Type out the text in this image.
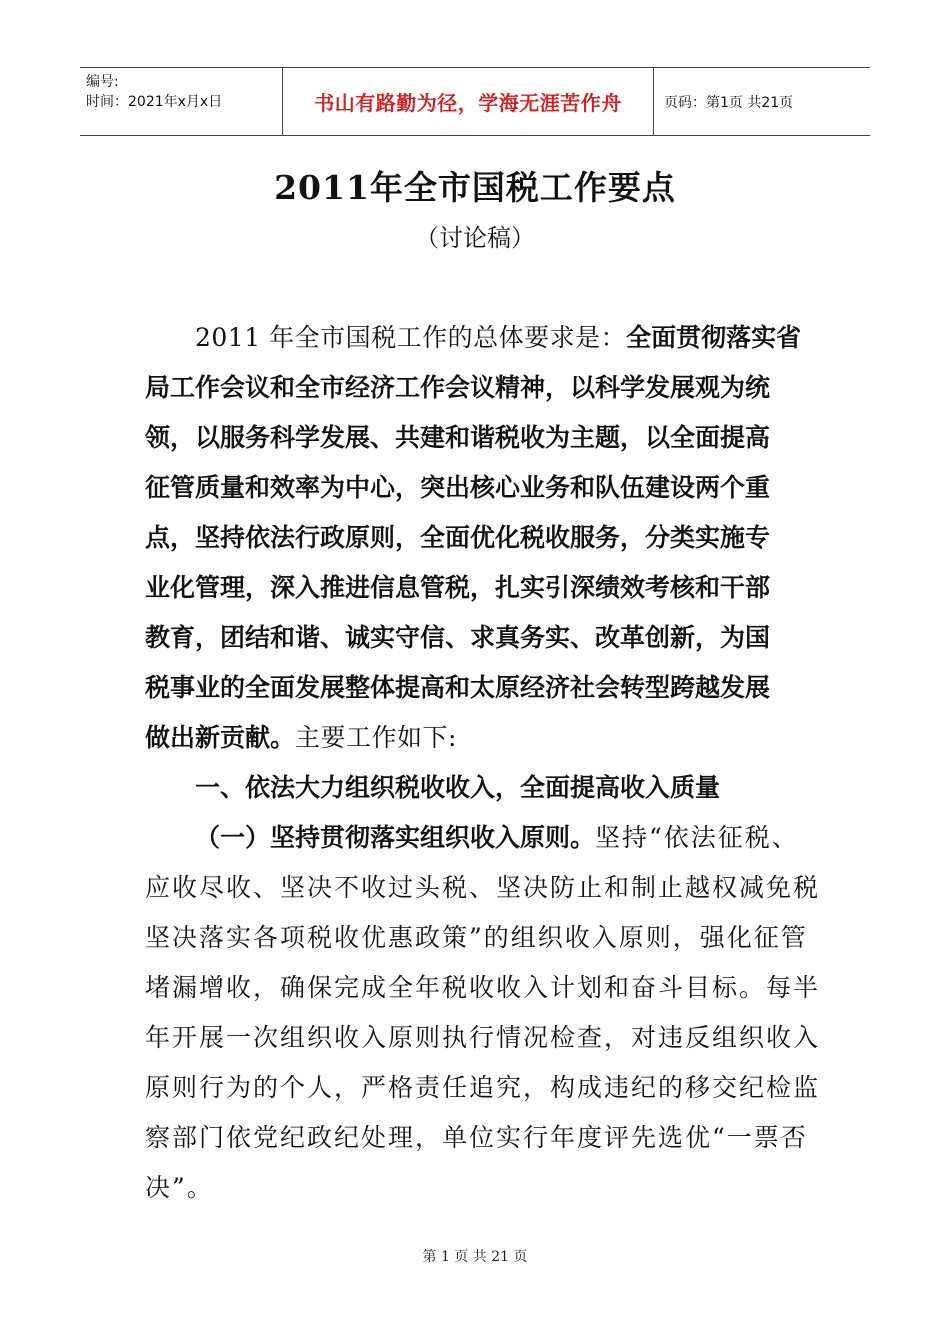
编号:
时间：2021年x月x日	书山有路勤为径，学海无涯苦作舟	页码：第1页 共21页
2011年全市国税工作要点
（讨论稿）
2011 年全市国税工作的总体要求是：全面贯彻落实省
局工作会议和全市经济工作会议精神，以科学发展观为统
领，以服务科学发展、共建和谐税收为主题，以全面提高
征管质量和效率为中心，突出核心业务和队伍建设两个重
点，坚持依法行政原则，全面优化税收服务，分类实施专
业化管理，深入推进信息管税，扎实引深绩效考核和干部
教育，团结和谐、诚实守信、求真务实、改革创新，为国
税事业的全面发展整体提高和太原经济社会转型跨越发展
做出新贡献。主要工作如下:
一、依法大力组织税收收入，全面提高收入质量
（一）坚持贯彻落实组织收入原则。坚持“依法征税、
应收尽收、坚决不收过头税、坚决防止和制止越权减免税
坚决落实各项税收优惠政策”的组织收入原则，强化征管
堵漏增收，确保完成全年税收收入计划和奋斗目标。每半
年开展一次组织收入原则执行情况检查，对违反组织收入
原则行为的个人，严格责任追究，构成违纪的移交纪检监
察部门依党纪政纪处理，单位实行年度评先选优“一票否
决”。
第 1 页 共 21 页
